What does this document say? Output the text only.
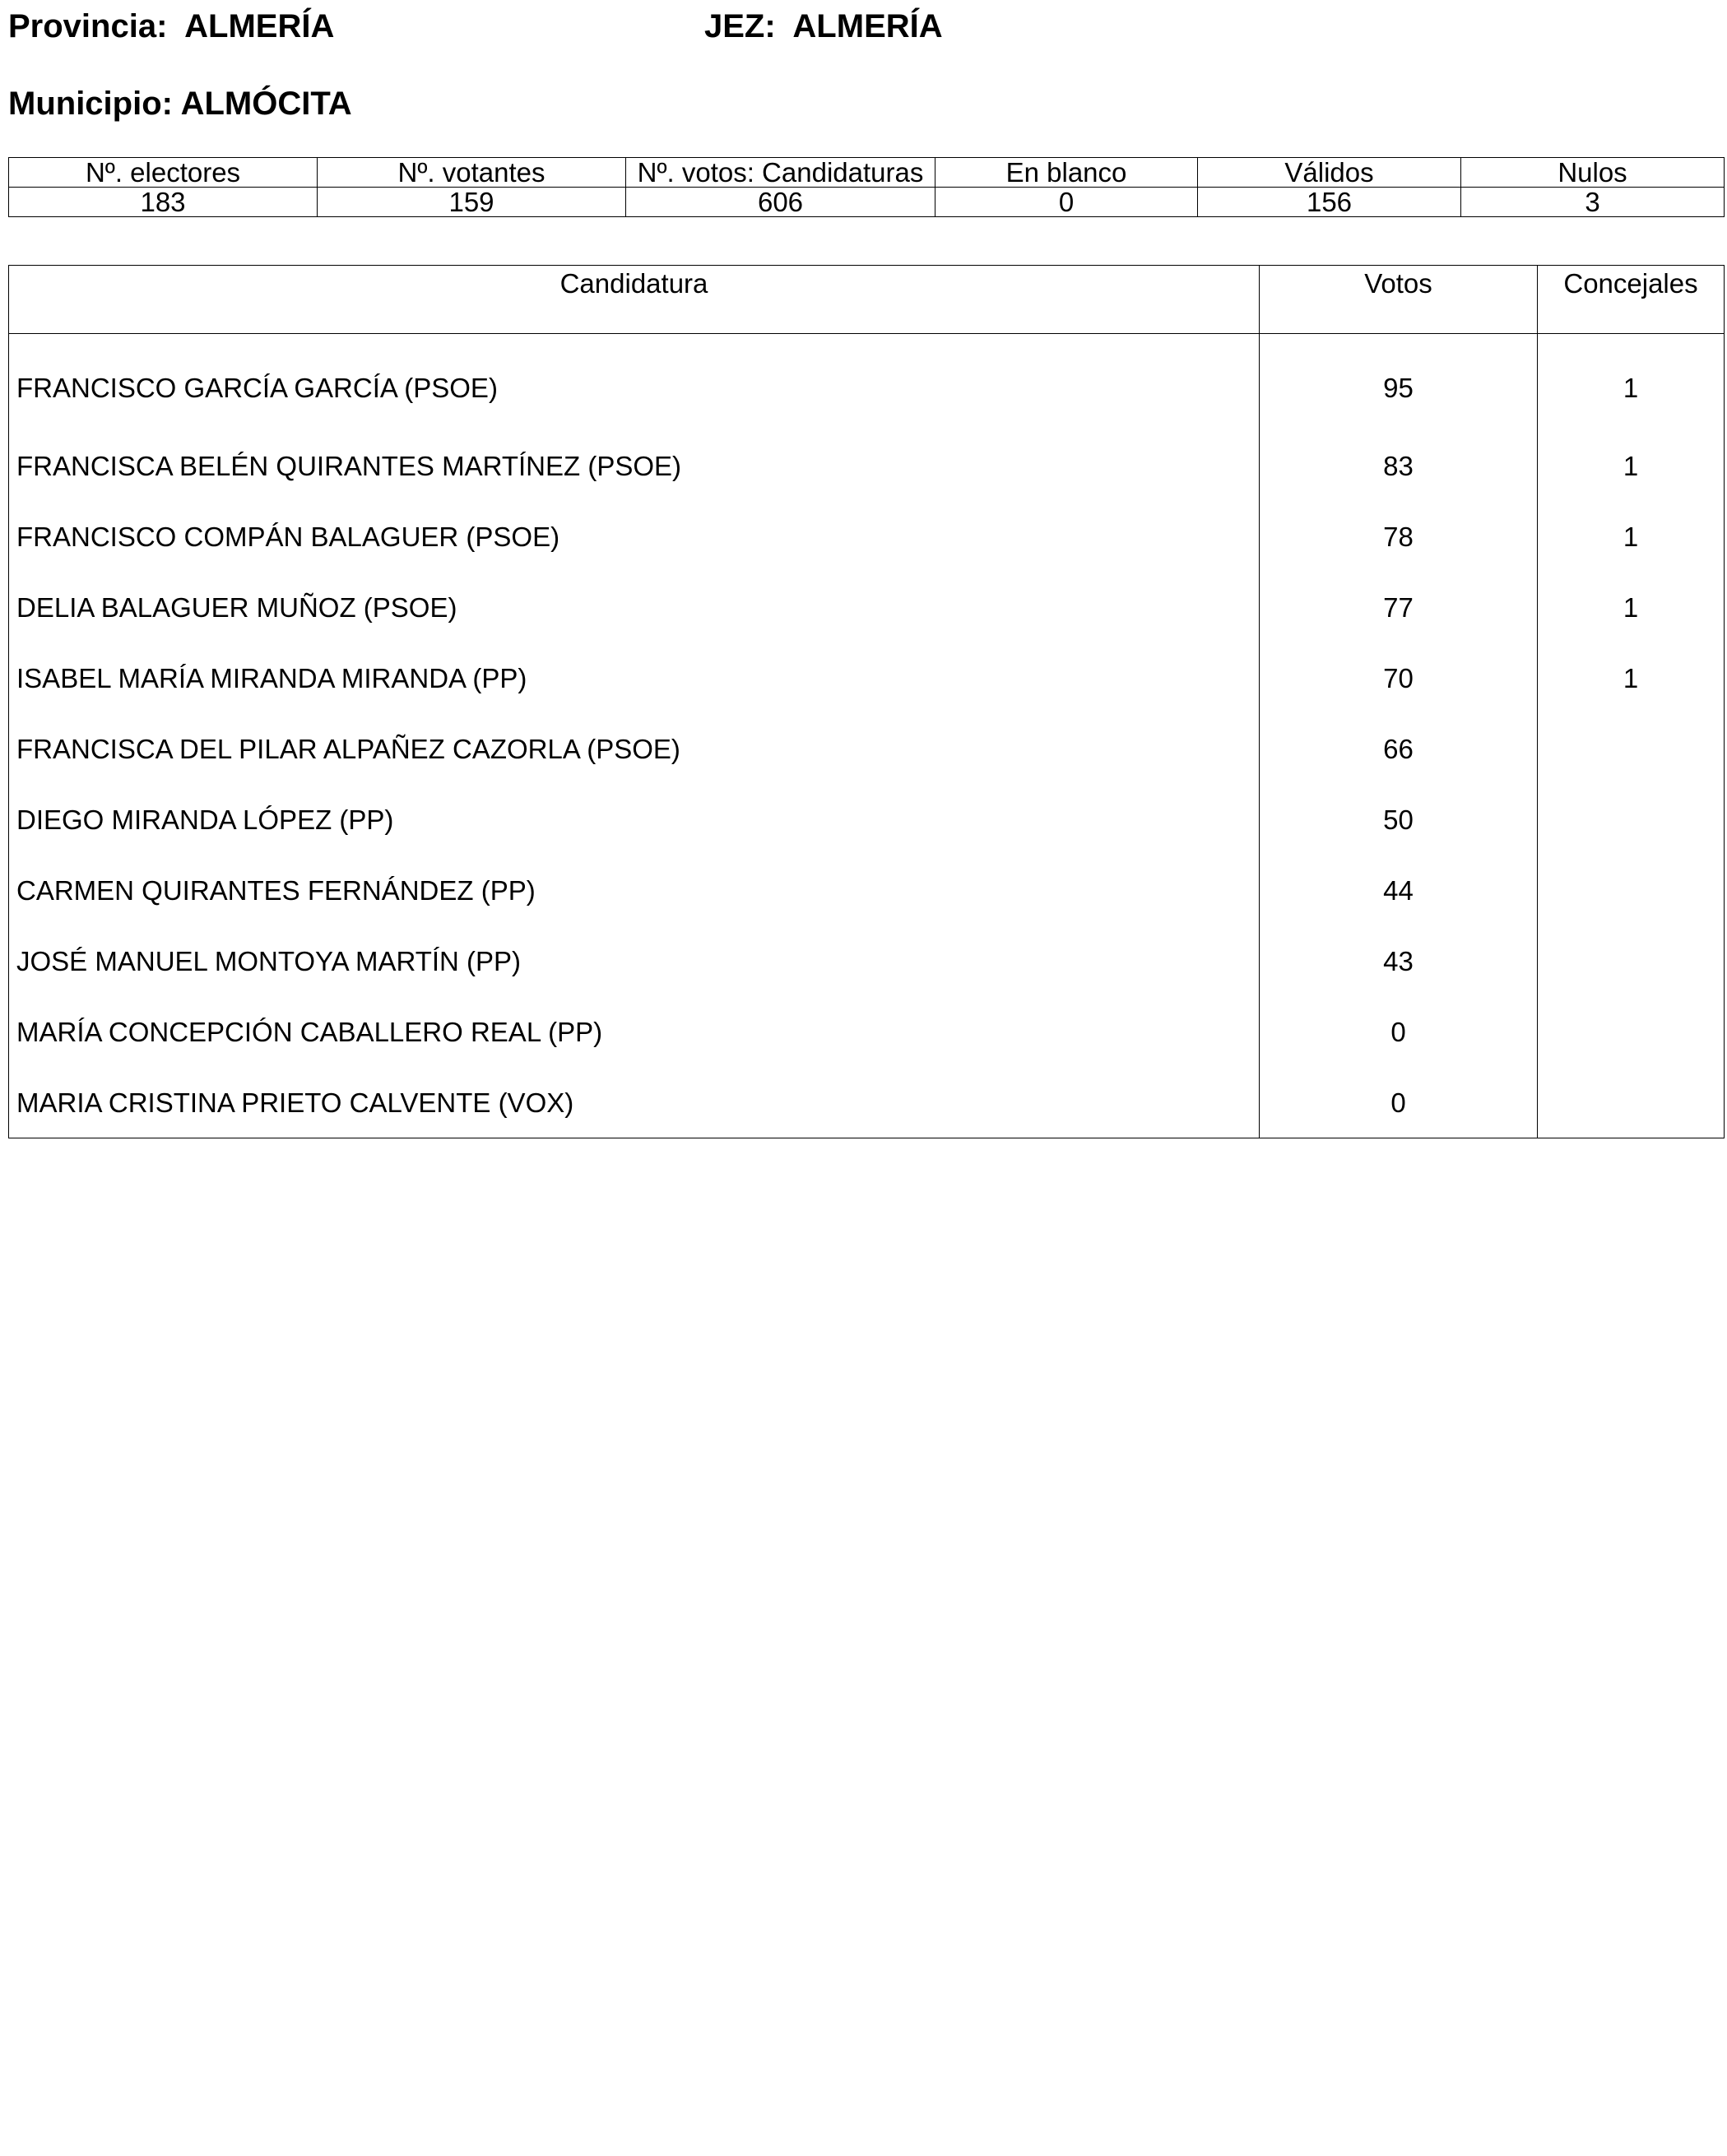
Provincia:  ALMERÍA	JEZ:  ALMERÍA
Municipio: ALMÓCITA
Nº. electores	Nº. votantes	Nº. votos: Candidaturas	En blanco	Válidos	Nulos
183	159	606	0	156	3
Candidatura	Votos	Concejales
FRANCISCO GARCÍA GARCÍA (PSOE)	95	1
FRANCISCA BELÉN QUIRANTES MARTÍNEZ (PSOE)	83	1
FRANCISCO COMPÁN BALAGUER (PSOE)	78	1
DELIA BALAGUER MUÑOZ (PSOE)	77	1
ISABEL MARÍA MIRANDA MIRANDA (PP)	70	1
FRANCISCA DEL PILAR ALPAÑEZ CAZORLA (PSOE)	66	
DIEGO MIRANDA LÓPEZ (PP)	50	
CARMEN QUIRANTES FERNÁNDEZ (PP)	44	
JOSÉ MANUEL MONTOYA MARTÍN (PP)	43	
MARÍA CONCEPCIÓN CABALLERO REAL (PP)	0	
MARIA CRISTINA PRIETO CALVENTE (VOX)	0	
